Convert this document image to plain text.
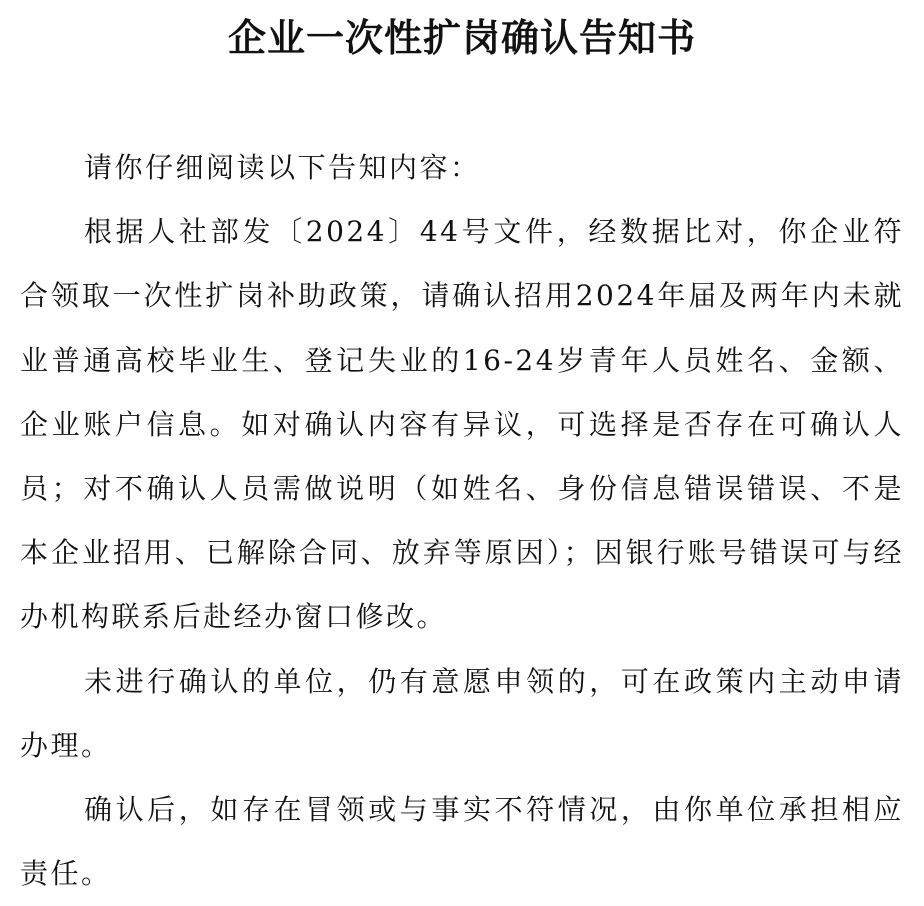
企业一次性扩岗确认告知书

请你仔细阅读以下告知内容：

根据人社部发〔2024〕44号文件，经数据比对，你企业符合领取一次性扩岗补助政策，请确认招用2024年届及两年内未就业普通高校毕业生、登记失业的16-24岁青年人员姓名、金额、企业账户信息。如对确认内容有异议，可选择是否存在可确认人员；对不确认人员需做说明（如姓名、身份信息错误错误、不是本企业招用、已解除合同、放弃等原因）；因银行账号错误可与经办机构联系后赴经办窗口修改。

未进行确认的单位，仍有意愿申领的，可在政策内主动申请办理。

确认后，如存在冒领或与事实不符情况，由你单位承担相应责任。
